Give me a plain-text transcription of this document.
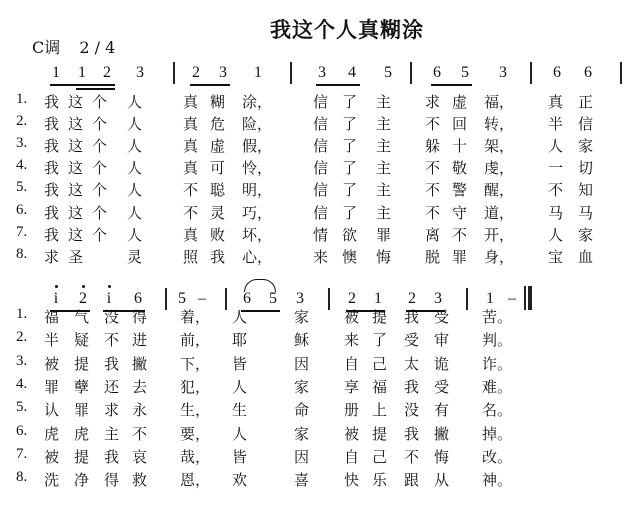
我这个人真糊涂
C调 2 / 4
1 1 2 3	2 3 1	3 4 5	6 5 3	6 6
1. 我 这 个 人	真 糊 涂，	信 了 主 求 虚 福， 真 正
2. 我 这 个 人	真 危 险，	信 了 主 不 回 转， 半 信
3. 我 这 个 人	真 虚 假，	信 了 主 躲 十 架， 人 家
4. 我 这 个 人	真 可 怜，	信 了 主 不 敬 虔， 一 切
5. 我 这 个 人	不 聪 明，	信 了 主 不 警 醒， 不 知
6. 我 这 个 人	不 灵 巧，	信 了 主 不 守 道， 马 马
7. 我 这 个 人	真 败 坏，	情 欲 罪 离 不 开， 人 家
8. 求 圣	灵	照 我 心，	来 懊 悔 脱 罪 身， 宝 血
i 2 i 6 5 – 6 5 3	2 1 2 3	1 –
1. 福 气 没 得 着， 人	家 被 提 我 受 苦。
2. 半 疑 不 进 前， 耶	稣 来 了 受 审 判。
3. 被 提 我 撇 下， 皆	因 自 己 太 诡 诈。
4. 罪 孽 还 去 犯， 人	家 享 福 我 受 难。
5. 认 罪 求 永 生， 生	命 册 上 没 有 名。
6. 虎 虎 主 不 要， 人	家 被 提 我 撇 掉。
7. 被 提 我 哀 哉， 皆	因 自 己 不 悔 改。
8. 洗 净 得 救 恩， 欢	喜 快 乐 跟 从 神。
